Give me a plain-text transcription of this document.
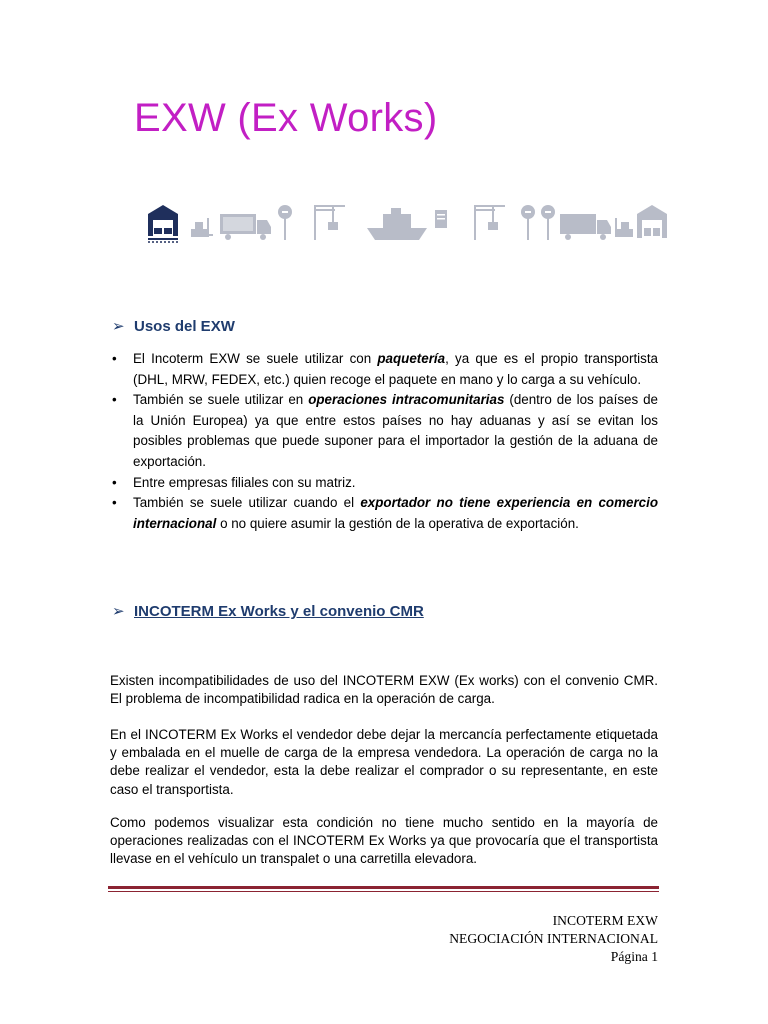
EXW (Ex Works)
➢ Usos del EXW
• El Incoterm EXW se suele utilizar con paquetería, ya que es el propio transportista (DHL, MRW, FEDEX, etc.) quien recoge el paquete en mano y lo carga a su vehículo.
• También se suele utilizar en operaciones intracomunitarias (dentro de los países de la Unión Europea) ya que entre estos países no hay aduanas y así se evitan los posibles problemas que puede suponer para el importador la gestión de la aduana de exportación.
• Entre empresas filiales con su matriz.
• También se suele utilizar cuando el exportador no tiene experiencia en comercio internacional o no quiere asumir la gestión de la operativa de exportación.
➢ INCOTERM Ex Works y el convenio CMR
Existen incompatibilidades de uso del INCOTERM EXW (Ex works) con el convenio CMR. El problema de incompatibilidad radica en la operación de carga.
En el INCOTERM Ex Works el vendedor debe dejar la mercancía perfectamente etiquetada y embalada en el muelle de carga de la empresa vendedora. La operación de carga no la debe realizar el vendedor, esta la debe realizar el comprador o su representante, en este caso el transportista.
Como podemos visualizar esta condición no tiene mucho sentido en la mayoría de operaciones realizadas con el INCOTERM Ex Works ya que provocaría que el transportista llevase en el vehículo un transpalet o una carretilla elevadora.
INCOTERM EXW
NEGOCIACIÓN INTERNACIONAL
Página 1
